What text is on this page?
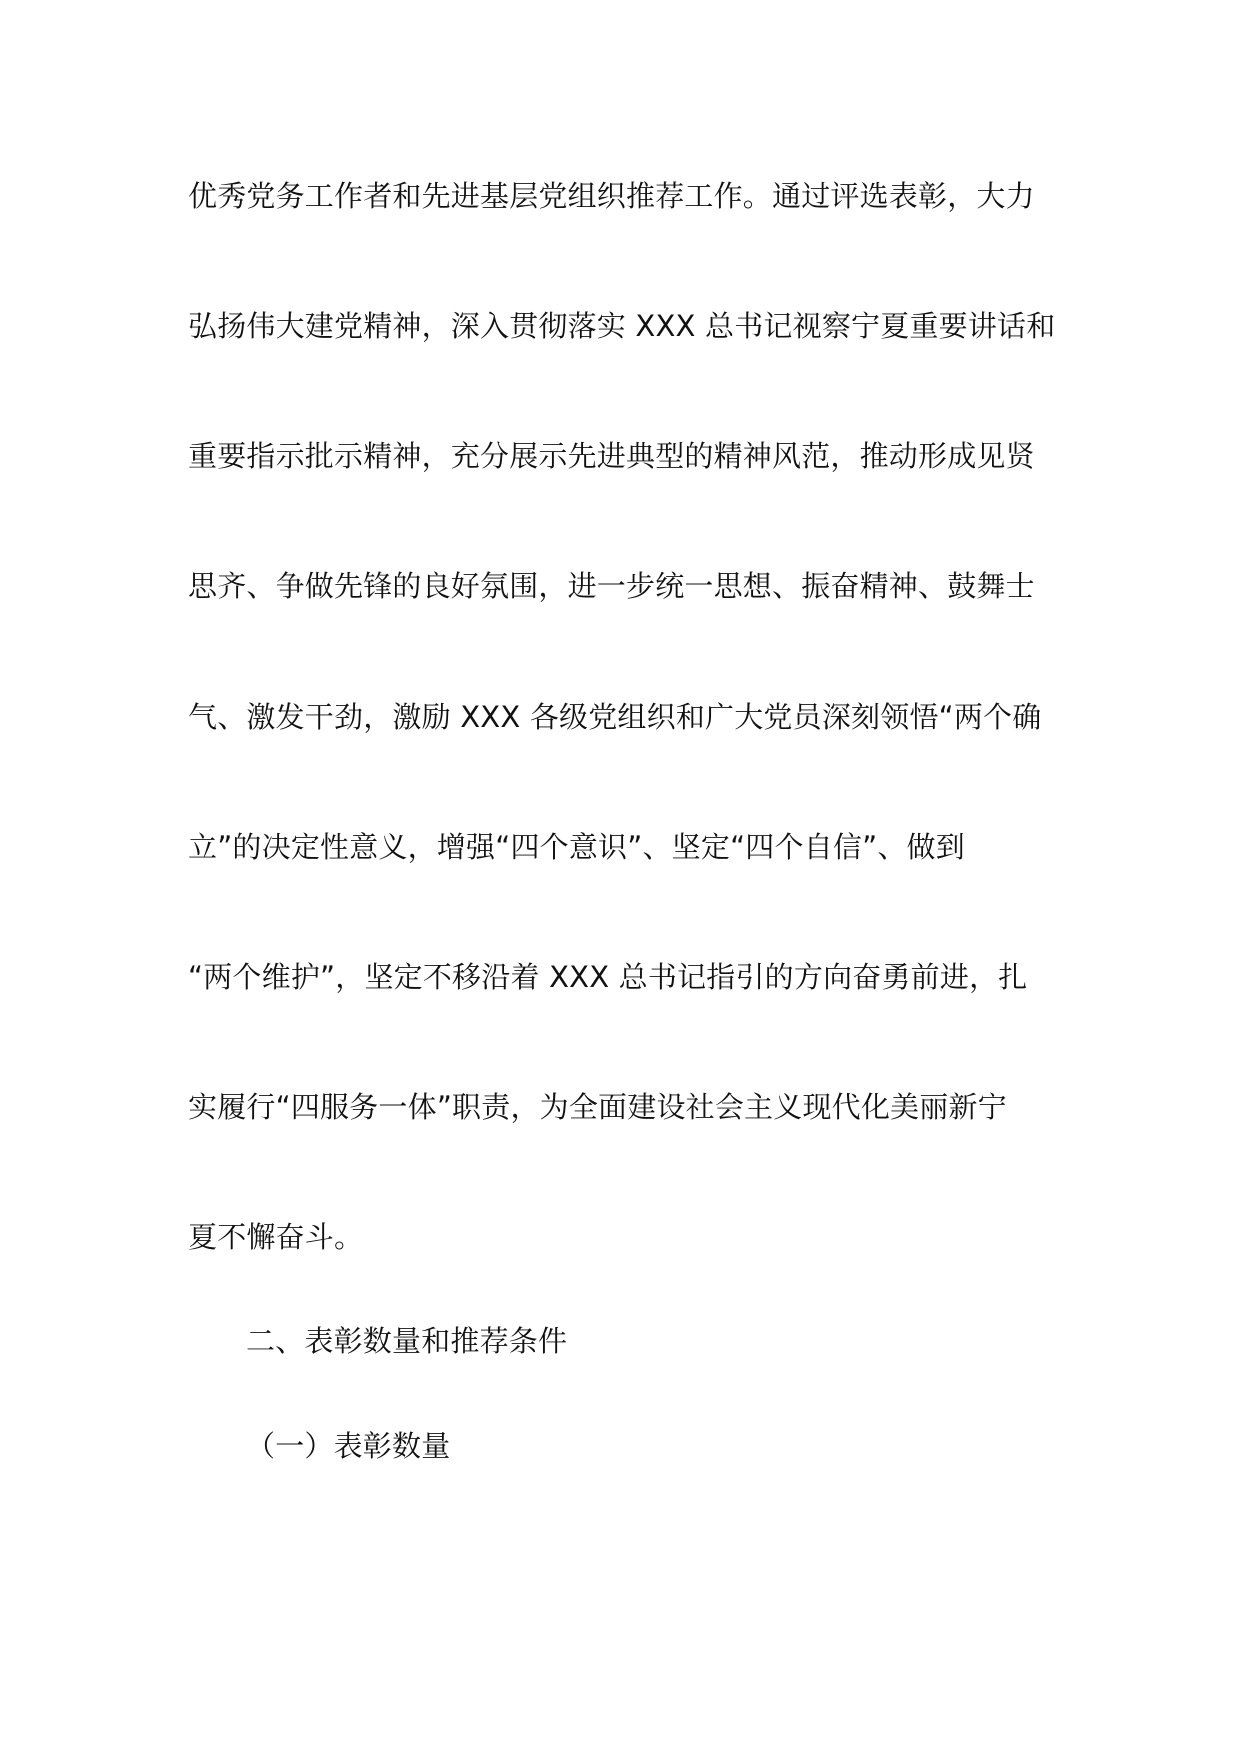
优秀党务工作者和先进基层党组织推荐工作。通过评选表彰，大力
弘扬伟大建党精神，深入贯彻落实 XXX 总书记视察宁夏重要讲话和
重要指示批示精神，充分展示先进典型的精神风范，推动形成见贤
思齐、争做先锋的良好氛围，进一步统一思想、振奋精神、鼓舞士
气、激发干劲，激励 XXX 各级党组织和广大党员深刻领悟“两个确
立”的决定性意义，增强“四个意识”、坚定“四个自信”、做到
“两个维护”，坚定不移沿着 XXX 总书记指引的方向奋勇前进，扎
实履行“四服务一体”职责，为全面建设社会主义现代化美丽新宁
夏不懈奋斗。
二、表彰数量和推荐条件
（一）表彰数量
